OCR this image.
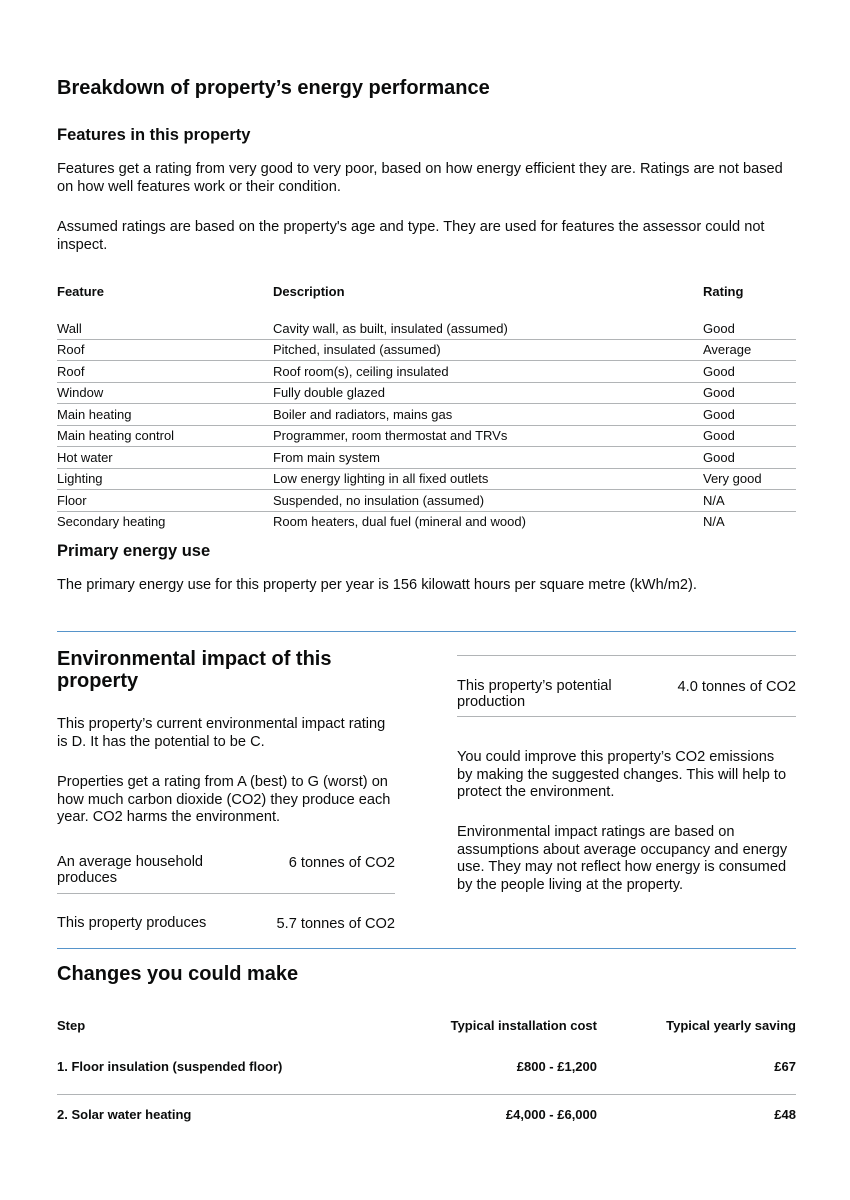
Breakdown of property’s energy performance
Features in this property

Features get a rating from very good to very poor, based on how energy efficient they are. Ratings are not based on how well features work or their condition.

Assumed ratings are based on the property's age and type. They are used for features the assessor could not inspect.

Feature	Description	Rating

Wall	Cavity wall, as built, insulated (assumed)	Good
Roof	Pitched, insulated (assumed)	Average
Roof	Roof room(s), ceiling insulated	Good
Window	Fully double glazed	Good
Main heating	Boiler and radiators, mains gas	Good
Main heating control	Programmer, room thermostat and TRVs	Good
Hot water	From main system	Good
Lighting	Low energy lighting in all fixed outlets	Very good
Floor	Suspended, no insulation (assumed)	N/A
Secondary heating	Room heaters, dual fuel (mineral and wood)	N/A
Primary energy use

The primary energy use for this property per year is 156 kilowatt hours per square metre (kWh/m2).

Environmental impact of this property

This property’s current environmental impact rating is D. It has the potential to be C.

Properties get a rating from A (best) to G (worst) on how much carbon dioxide (CO2) they produce each year. CO2 harms the environment.

An average household produces
6 tonnes of CO2
This property produces	5.7 tonnes of CO2
This property’s potential production
4.0 tonnes of CO2

You could improve this property’s CO2 emissions by making the suggested changes. This will help to protect the environment.

Environmental impact ratings are based on assumptions about average occupancy and energy use. They may not reflect how energy is consumed by the people living at the property.

Changes you could make
Step	Typical installation cost	Typical yearly saving
1. Floor insulation (suspended floor)	£800 - £1,200	£67
2. Solar water heating	£4,000 - £6,000	£48
